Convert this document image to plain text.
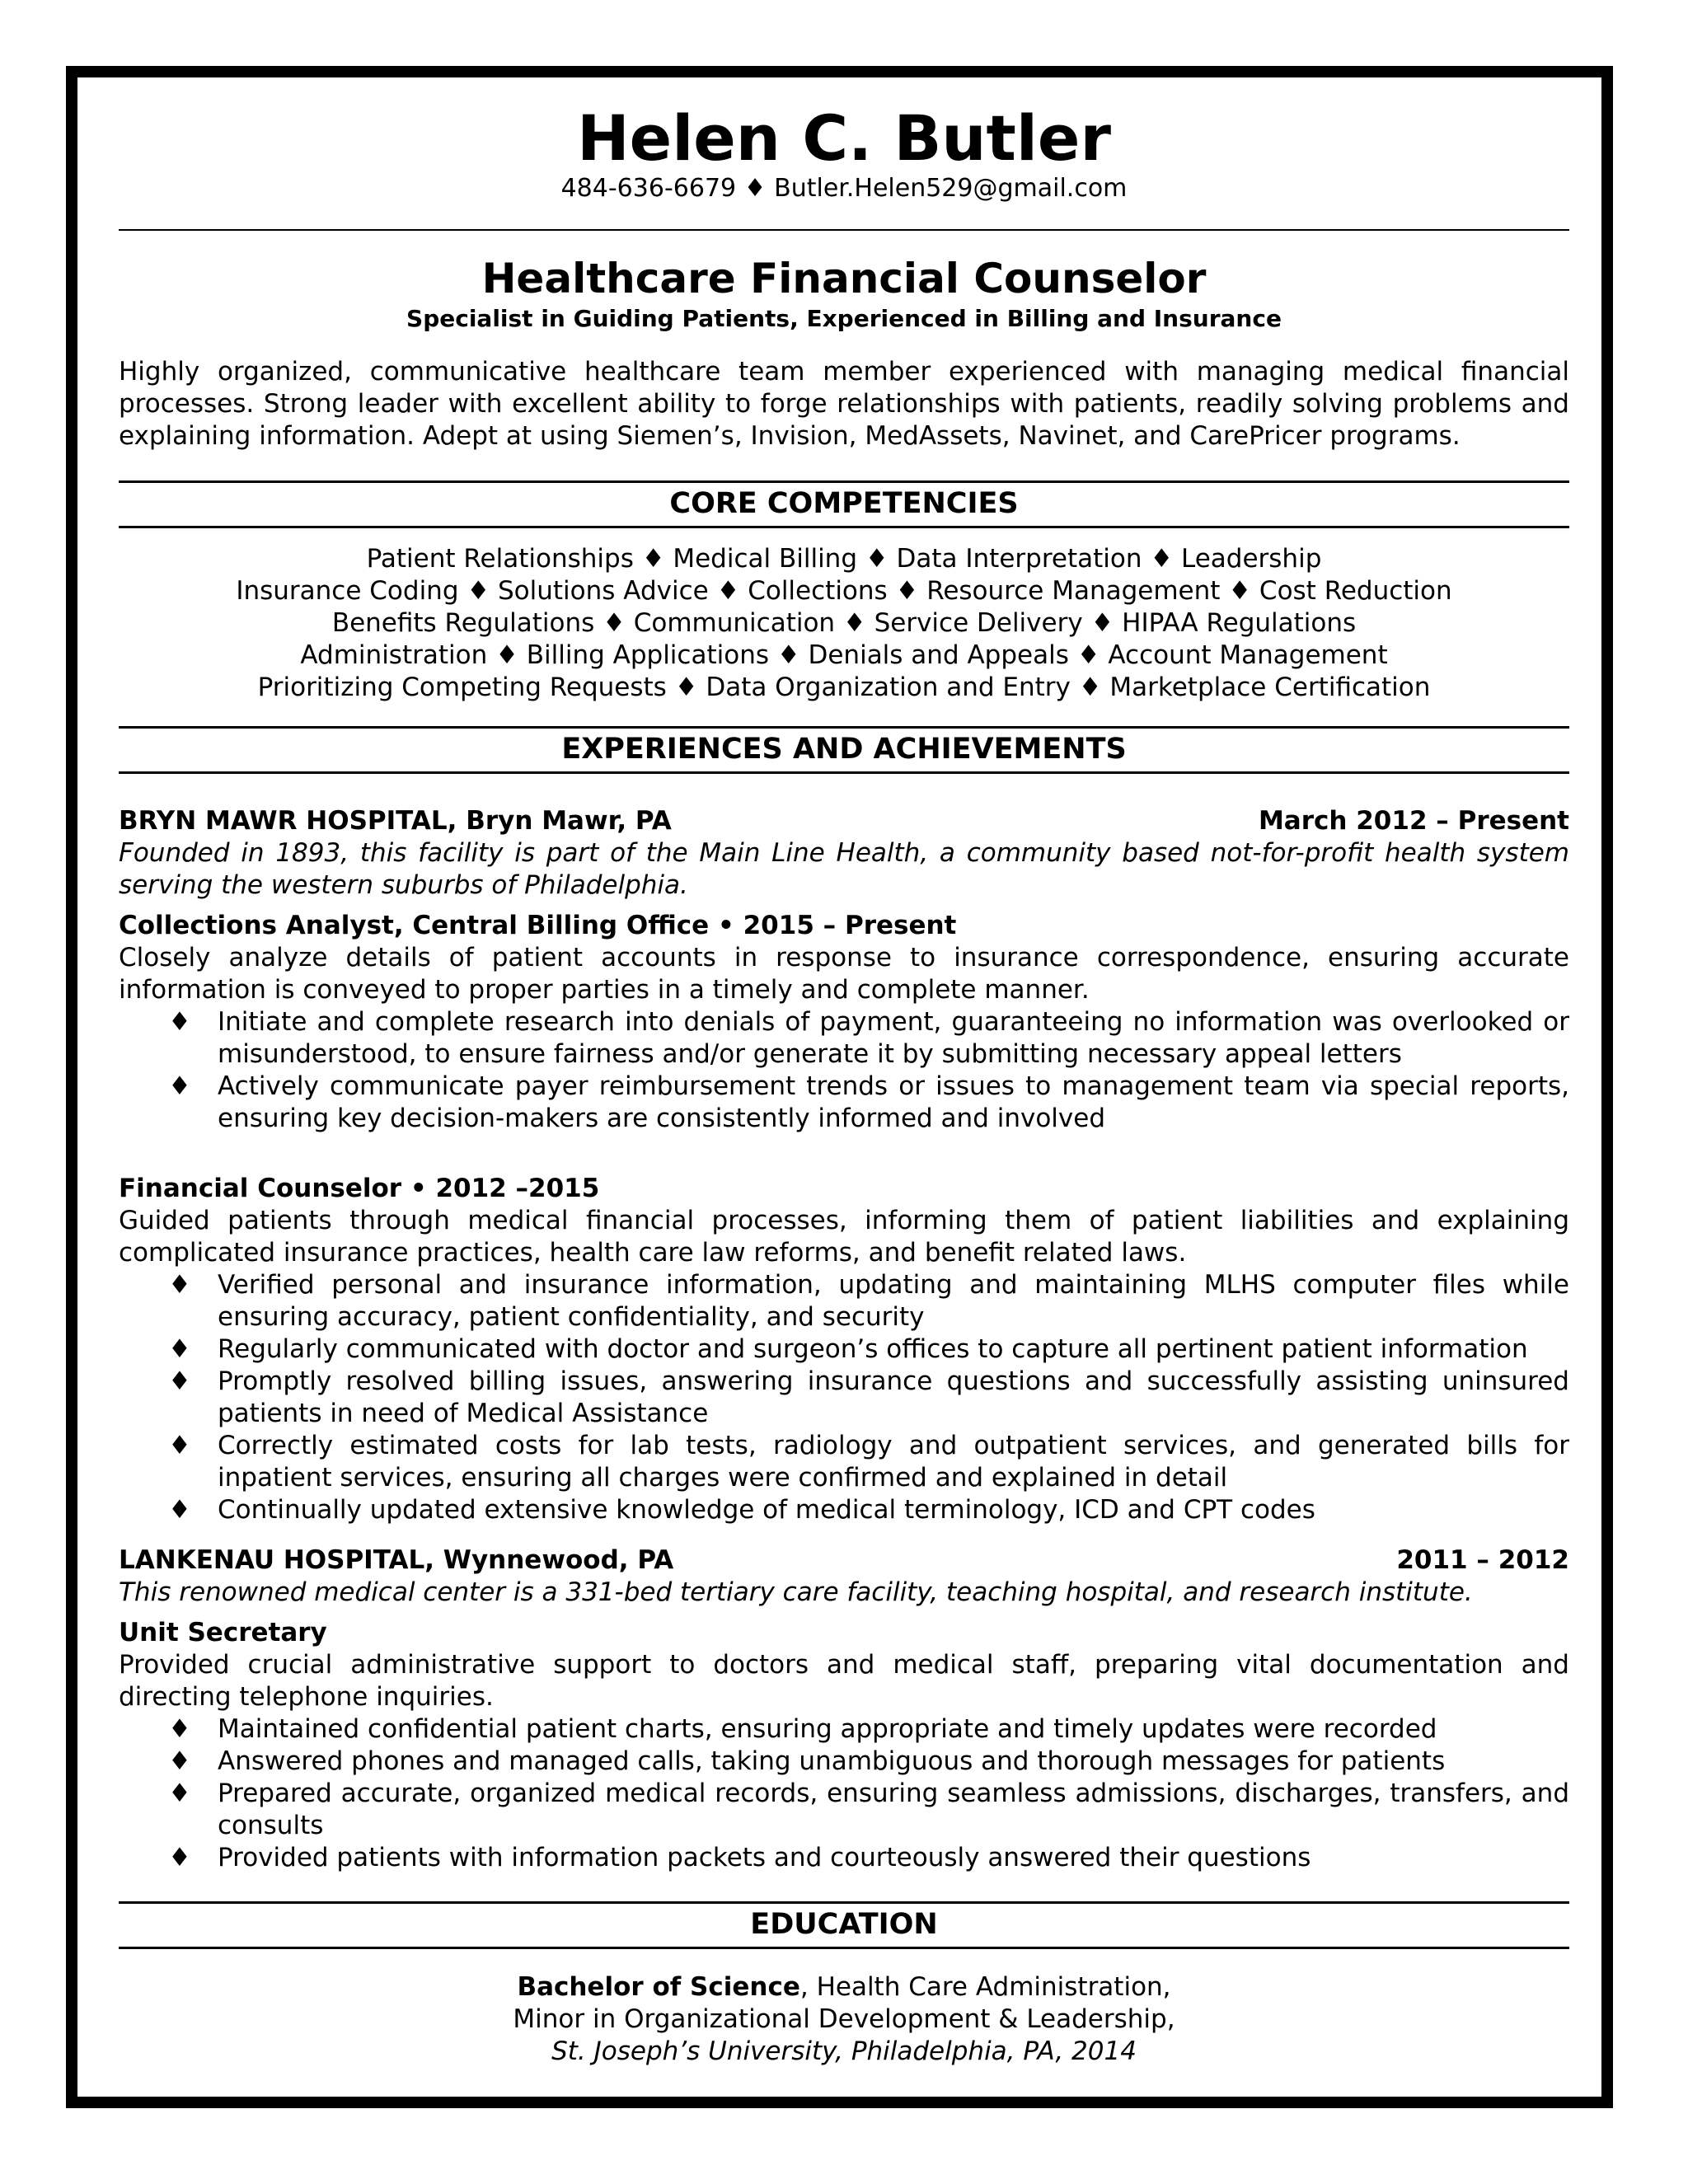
Helen C. Butler
484-636-6679 ♦ Butler.Helen529@gmail.com
Healthcare Financial Counselor
Specialist in Guiding Patients, Experienced in Billing and Insurance

Highly organized, communicative healthcare team member experienced with managing medical financial processes. Strong leader with excellent ability to forge relationships with patients, readily solving problems and explaining information. Adept at using Siemen’s, Invision, MedAssets, Navinet, and CarePricer programs.

CORE COMPETENCIES
Patient Relationships ♦ Medical Billing ♦ Data Interpretation ♦ Leadership
Insurance Coding ♦ Solutions Advice ♦ Collections ♦ Resource Management ♦ Cost Reduction
Benefits Regulations ♦ Communication ♦ Service Delivery ♦ HIPAA Regulations
Administration ♦ Billing Applications ♦ Denials and Appeals ♦ Account Management
Prioritizing Competing Requests ♦ Data Organization and Entry ♦ Marketplace Certification
EXPERIENCES AND ACHIEVEMENTS
BRYN MAWR HOSPITAL, Bryn Mawr, PA	March 2012 – Present
Founded in 1893, this facility is part of the Main Line Health, a community based not-for-profit health system serving the western suburbs of Philadelphia.
Collections Analyst, Central Billing Office • 2015 – Present
Closely analyze details of patient accounts in response to insurance correspondence, ensuring accurate information is conveyed to proper parties in a timely and complete manner.
♦ Initiate and complete research into denials of payment, guaranteeing no information was overlooked or misunderstood, to ensure fairness and/or generate it by submitting necessary appeal letters
♦ Actively communicate payer reimbursement trends or issues to management team via special reports, ensuring key decision-makers are consistently informed and involved
Financial Counselor • 2012 –2015
Guided patients through medical financial processes, informing them of patient liabilities and explaining complicated insurance practices, health care law reforms, and benefit related laws.
♦ Verified personal and insurance information, updating and maintaining MLHS computer files while ensuring accuracy, patient confidentiality, and security
♦ Regularly communicated with doctor and surgeon’s offices to capture all pertinent patient information
♦ Promptly resolved billing issues, answering insurance questions and successfully assisting uninsured patients in need of Medical Assistance
♦ Correctly estimated costs for lab tests, radiology and outpatient services, and generated bills for inpatient services, ensuring all charges were confirmed and explained in detail
♦ Continually updated extensive knowledge of medical terminology, ICD and CPT codes
LANKENAU HOSPITAL, Wynnewood, PA	2011 – 2012
This renowned medical center is a 331-bed tertiary care facility, teaching hospital, and research institute.
Unit Secretary
Provided crucial administrative support to doctors and medical staff, preparing vital documentation and directing telephone inquiries.
♦ Maintained confidential patient charts, ensuring appropriate and timely updates were recorded
♦ Answered phones and managed calls, taking unambiguous and thorough messages for patients
♦ Prepared accurate, organized medical records, ensuring seamless admissions, discharges, transfers, and consults
♦ Provided patients with information packets and courteously answered their questions
EDUCATION
Bachelor of Science, Health Care Administration,
Minor in Organizational Development & Leadership,
St. Joseph’s University, Philadelphia, PA, 2014
